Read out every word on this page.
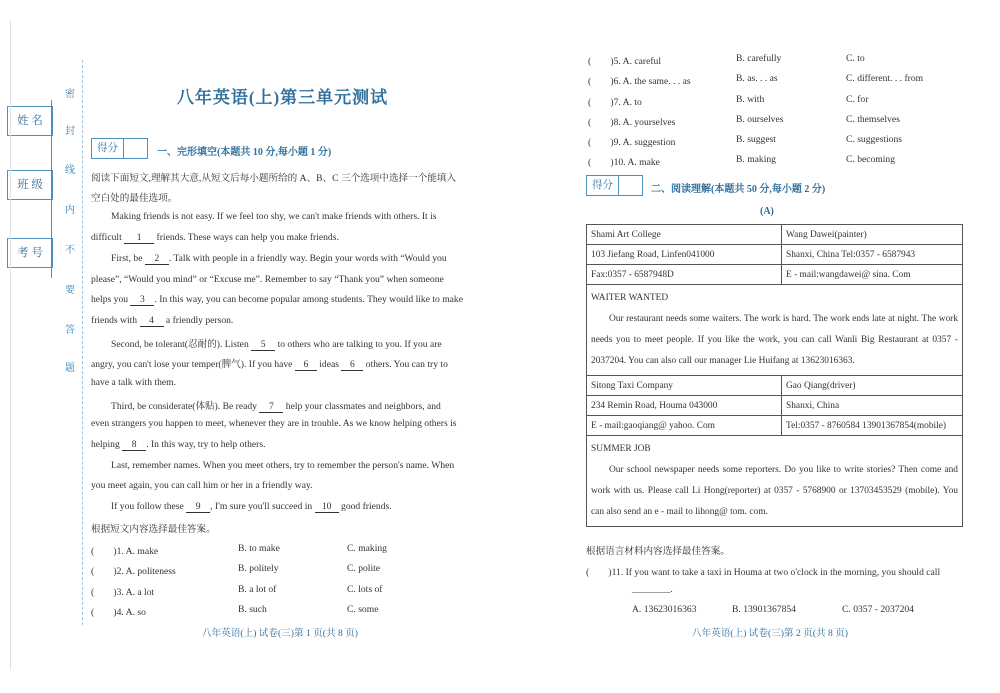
姓 名
班 级
考 号
密
封
线
内
不
要
答
题
八年英语(上)第三单元测试
得分	一、完形填空(本题共 10 分,每小题 1 分)
阅读下面短文,理解其大意,从短文后每小题所给的 A、B、C 三个选项中选择一个能填入
空白处的最佳选项。
Making friends is not easy. If we feel too shy, we can't make friends with others. It is
difficult 1 friends. These ways can help you make friends.
First, be 2 . Talk with people in a friendly way. Begin your words with “Would you
please”, “Would you mind” or “Excuse me”. Remember to say “Thank you” when someone
helps you 3 . In this way, you can become popular among students. They would like to make
friends with 4 a friendly person.
Second, be tolerant(忍耐的). Listen 5 to others who are talking to you. If you are
angry, you can't lose your temper(脾气). If you have 6 ideas 6 others. You can try to
have a talk with them.
Third, be considerate(体贴). Be ready 7 help your classmates and neighbors, and
even strangers you happen to meet, whenever they are in trouble. As we know helping others is
helping 8 . In this way, try to help others.
Last, remember names. When you meet others, try to remember the person's name. When
you meet again, you can call him or her in a friendly way.
If you follow these 9 , I'm sure you'll succeed in 10 good friends.
根据短文内容选择最佳答案。
(　　)1. A. make	B. to make	C. making
(　　)2. A. politeness	B. politely	C. polite
(　　)3. A. a lot	B. a lot of	C. lots of
(　　)4. A. so	B. such	C. some
八年英语(上) 试卷(三)第 1 页(共 8 页)
(　　)5. A. careful	B. carefully	C. to
(　　)6. A. the same. . . as	B. as. . . as	C. different. . . from
(　　)7. A. to	B. with	C. for
(　　)8. A. yourselves	B. ourselves	C. themselves
(　　)9. A. suggestion	B. suggest	C. suggestions
(　　)10. A. make	B. making	C. becoming
得分	二、阅读理解(本题共 50 分,每小题 2 分)
(A)
Shami Art College	Wang Dawei(painter)
103 Jiefang Road, Linfen041000	Shanxi, China Tel:0357 - 6587943
Fax:0357 - 6587948D	E - mail:wangdawei@ sina. Com

WAITER WANTED
Our restaurant needs some waiters. The work is hard. The work ends late at night. The work needs you to meet people. If you like the work, you can call Wanli Big Restaurant at 0357 - 2037204. You can also call our manager Lie Huifang at 13623016363.	

Sitong Taxi Company	Gao Qiang(driver)
234 Remin Road, Houma 043000	Shanxi, China
E - mail:gaoqiang@ yahoo. Com	Tel:0357 - 8760584 13901367854(mobile)

SUMMER JOB
Our school newspaper needs some reporters. Do you like to write stories? Then come and work with us. Please call Li Hong(reporter) at 0357 - 5768900 or 13703453529 (mobile). You can also send an e - mail to lihong@ tom. com.	
根据语言材料内容选择最佳答案。
(　　)11. If you want to take a taxi in Houma at two o'clock in the morning, you should call
________.
A. 13623016363	B. 13901367854	C. 0357 - 2037204
八年英语(上) 试卷(三)第 2 页(共 8 页)
